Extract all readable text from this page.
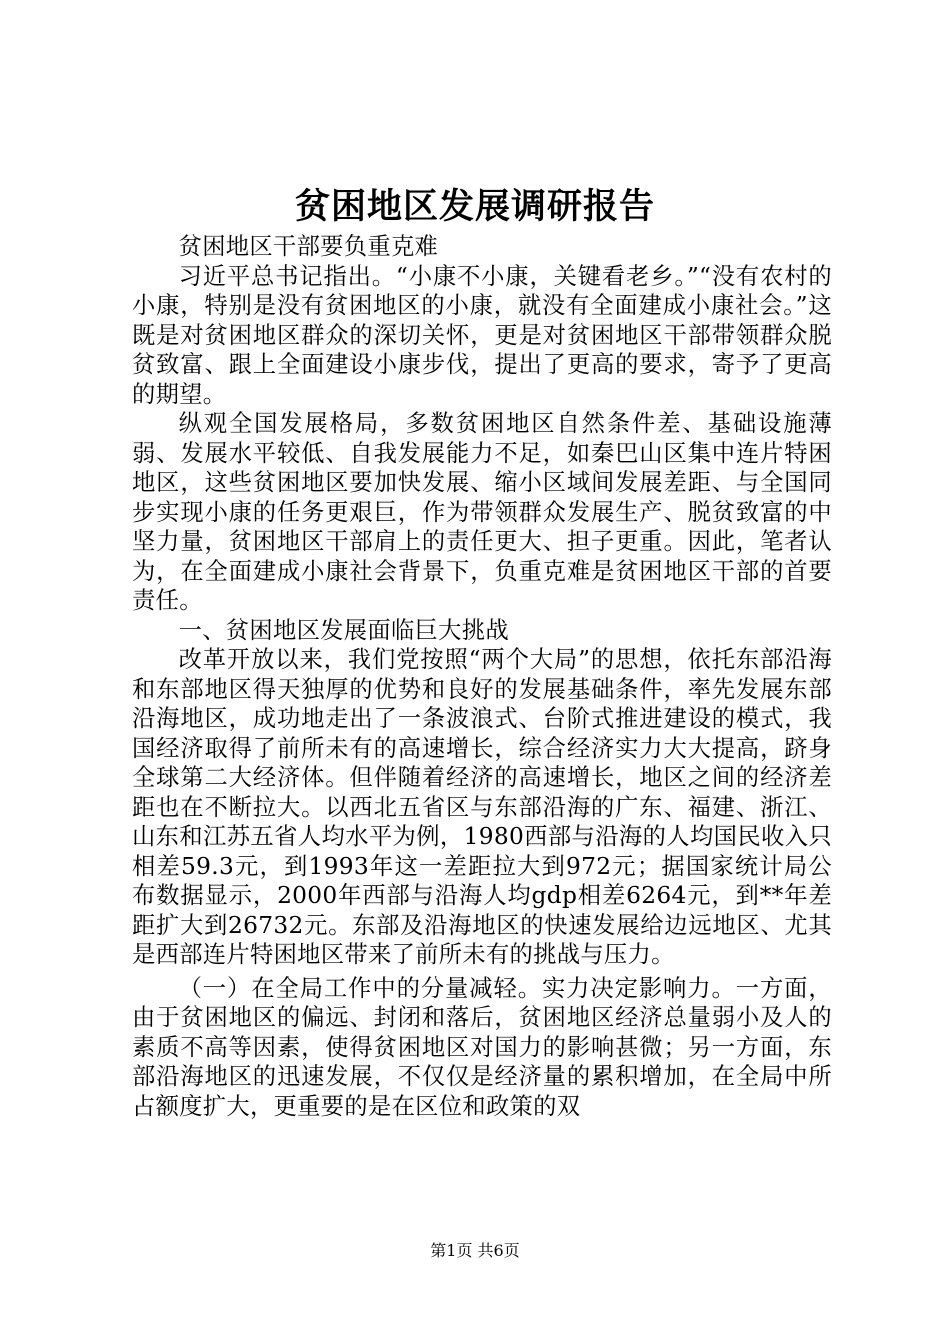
贫困地区发展调研报告

贫困地区干部要负重克难

习近平总书记指出。“小康不小康，关键看老乡。”“没有农村的小康，特别是没有贫困地区的小康，就没有全面建成小康社会。”这既是对贫困地区群众的深切关怀，更是对贫困地区干部带领群众脱贫致富、跟上全面建设小康步伐，提出了更高的要求，寄予了更高的期望。

纵观全国发展格局，多数贫困地区自然条件差、基础设施薄弱、发展水平较低、自我发展能力不足，如秦巴山区集中连片特困地区，这些贫困地区要加快发展、缩小区域间发展差距、与全国同步实现小康的任务更艰巨，作为带领群众发展生产、脱贫致富的中坚力量，贫困地区干部肩上的责任更大、担子更重。因此，笔者认为，在全面建成小康社会背景下，负重克难是贫困地区干部的首要责任。

一、贫困地区发展面临巨大挑战

改革开放以来，我们党按照“两个大局”的思想，依托东部沿海和东部地区得天独厚的优势和良好的发展基础条件，率先发展东部沿海地区，成功地走出了一条波浪式、台阶式推进建设的模式，我国经济取得了前所未有的高速增长，综合经济实力大大提高，跻身全球第二大经济体。但伴随着经济的高速增长，地区之间的经济差距也在不断拉大。以西北五省区与东部沿海的广东、福建、浙江、山东和江苏五省人均水平为例，1980西部与沿海的人均国民收入只相差59.3元，到1993年这一差距拉大到972元；据国家统计局公布数据显示，2000年西部与沿海人均gdp相差6264元，到**年差距扩大到26732元。东部及沿海地区的快速发展给边远地区、尤其是西部连片特困地区带来了前所未有的挑战与压力。

（一）在全局工作中的分量减轻。实力决定影响力。一方面，由于贫困地区的偏远、封闭和落后，贫困地区经济总量弱小及人的素质不高等因素，使得贫困地区对国力的影响甚微；另一方面，东部沿海地区的迅速发展，不仅仅是经济量的累积增加，在全局中所占额度扩大，更重要的是在区位和政策的双

第1页 共6页
